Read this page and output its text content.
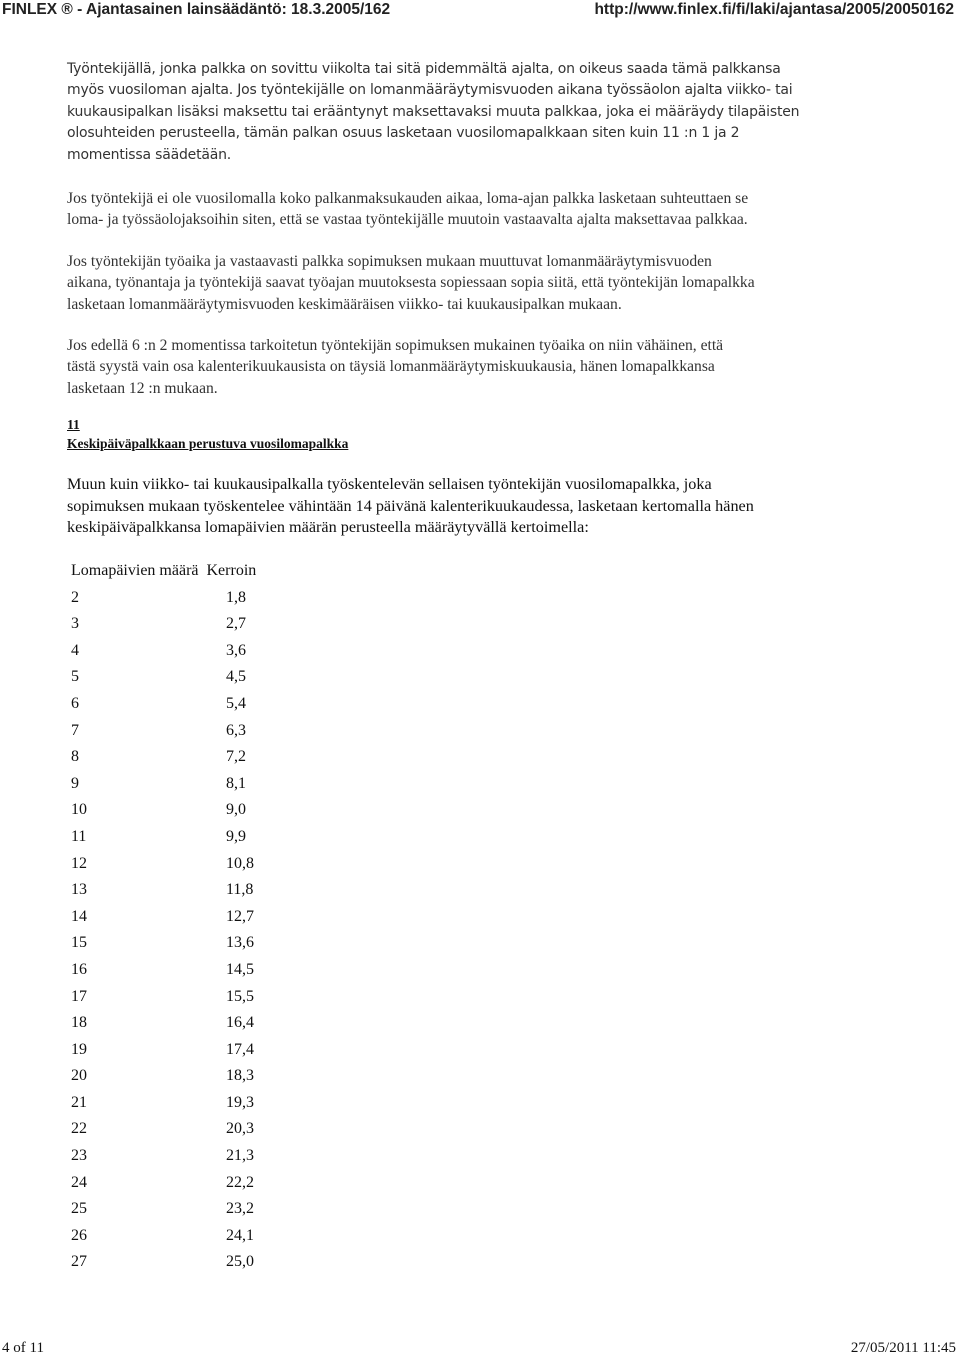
FINLEX ® - Ajantasainen lainsäädäntö: 18.3.2005/162	http://www.finlex.fi/fi/laki/ajantasa/2005/20050162
Työntekijällä, jonka palkka on sovittu viikolta tai sitä pidemmältä ajalta, on oikeus saada tämä palkkansa
myös vuosiloman ajalta. Jos työntekijälle on lomanmääräytymisvuoden aikana työssäolon ajalta viikko- tai
kuukausipalkan lisäksi maksettu tai erääntynyt maksettavaksi muuta palkkaa, joka ei määräydy tilapäisten
olosuhteiden perusteella, tämän palkan osuus lasketaan vuosilomapalkkaan siten kuin 11 :n 1 ja 2
momentissa säädetään.
Jos työntekijä ei ole vuosilomalla koko palkanmaksukauden aikaa, loma-ajan palkka lasketaan suhteuttaen se
loma- ja työssäolojaksoihin siten, että se vastaa työntekijälle muutoin vastaavalta ajalta maksettavaa palkkaa.
Jos työntekijän työaika ja vastaavasti palkka sopimuksen mukaan muuttuvat lomanmääräytymisvuoden
aikana, työnantaja ja työntekijä saavat työajan muutoksesta sopiessaan sopia siitä, että työntekijän lomapalkka
lasketaan lomanmääräytymisvuoden keskimääräisen viikko- tai kuukausipalkan mukaan.
Jos edellä 6 :n 2 momentissa tarkoitetun työntekijän sopimuksen mukainen työaika on niin vähäinen, että
tästä syystä vain osa kalenterikuukausista on täysiä lomanmääräytymiskuukausia, hänen lomapalkkansa
lasketaan 12 :n mukaan.
11
Keskipäiväpalkkaan perustuva vuosilomapalkka
Muun kuin viikko- tai kuukausipalkalla työskentelevän sellaisen työntekijän vuosilomapalkka, joka
sopimuksen mukaan työskentelee vähintään 14 päivänä kalenterikuukaudessa, lasketaan kertomalla hänen
keskipäiväpalkkansa lomapäivien määrän perusteella määräytyvällä kertoimella:
Lomapäivien määrä Kerroin
2	1,8
3	2,7
4	3,6
5	4,5
6	5,4
7	6,3
8	7,2
9	8,1
10	9,0
11	9,9
12	10,8
13	11,8
14	12,7
15	13,6
16	14,5
17	15,5
18	16,4
19	17,4
20	18,3
21	19,3
22	20,3
23	21,3
24	22,2
25	23,2
26	24,1
27	25,0
4 of 11	27/05/2011 11:45
